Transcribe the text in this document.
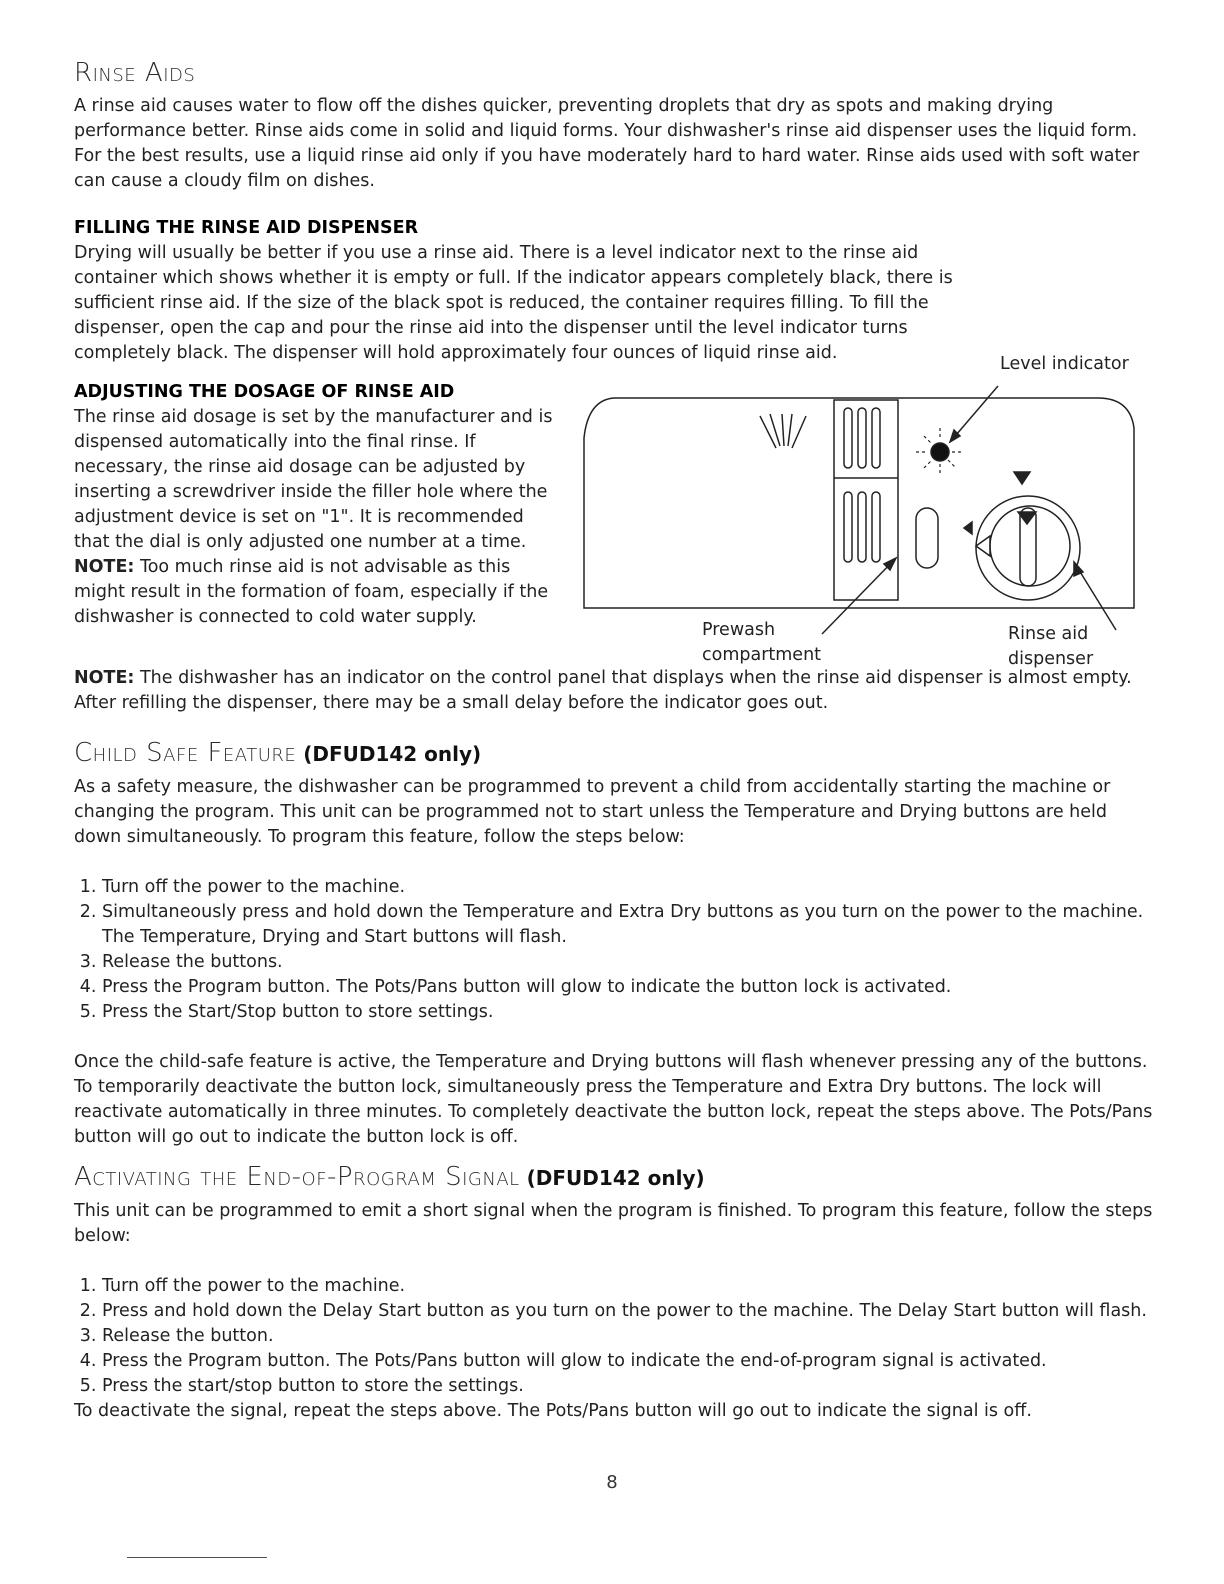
Rinse Aids

A rinse aid causes water to flow off the dishes quicker, preventing droplets that dry as spots and making drying performance better. Rinse aids come in solid and liquid forms. Your dishwasher's rinse aid dispenser uses the liquid form. For the best results, use a liquid rinse aid only if you have moderately hard to hard water. Rinse aids used with soft water can cause a cloudy film on dishes.

FILLING THE RINSE AID DISPENSER

Drying will usually be better if you use a rinse aid. There is a level indicator next to the rinse aid container which shows whether it is empty or full. If the indicator appears completely black, there is sufficient rinse aid. If the size of the black spot is reduced, the container requires filling. To fill the dispenser, open the cap and pour the rinse aid into the dispenser until the level indicator turns completely black. The dispenser will hold approximately four ounces of liquid rinse aid.

ADJUSTING THE DOSAGE OF RINSE AID

The rinse aid dosage is set by the manufacturer and is dispensed automatically into the final rinse. If necessary, the rinse aid dosage can be adjusted by inserting a screwdriver inside the filler hole where the adjustment device is set on "1". It is recommended that the dial is only adjusted one number at a time. NOTE: Too much rinse aid is not advisable as this might result in the formation of foam, especially if the dishwasher is connected to cold water supply.

Level indicator
Prewash
compartment
Rinse aid
dispenser

NOTE: The dishwasher has an indicator on the control panel that displays when the rinse aid dispenser is almost empty. After refilling the dispenser, there may be a small delay before the indicator goes out.

Child Safe Feature (DFUD142 only)

As a safety measure, the dishwasher can be programmed to prevent a child from accidentally starting the machine or changing the program. This unit can be programmed not to start unless the Temperature and Drying buttons are held down simultaneously. To program this feature, follow the steps below:

1. Turn off the power to the machine.
2. Simultaneously press and hold down the Temperature and Extra Dry buttons as you turn on the power to the machine. The Temperature, Drying and Start buttons will flash.
3. Release the buttons.
4. Press the Program button. The Pots/Pans button will glow to indicate the button lock is activated.
5. Press the Start/Stop button to store settings.

Once the child-safe feature is active, the Temperature and Drying buttons will flash whenever pressing any of the buttons. To temporarily deactivate the button lock, simultaneously press the Temperature and Extra Dry buttons. The lock will reactivate automatically in three minutes. To completely deactivate the button lock, repeat the steps above. The Pots/Pans button will go out to indicate the button lock is off.

Activating the End-of-Program Signal (DFUD142 only)

This unit can be programmed to emit a short signal when the program is finished. To program this feature, follow the steps below:

1. Turn off the power to the machine.
2. Press and hold down the Delay Start button as you turn on the power to the machine. The Delay Start button will flash.
3. Release the button.
4. Press the Program button. The Pots/Pans button will glow to indicate the end-of-program signal is activated.
5. Press the start/stop button to store the settings.

To deactivate the signal, repeat the steps above. The Pots/Pans button will go out to indicate the signal is off.

8
